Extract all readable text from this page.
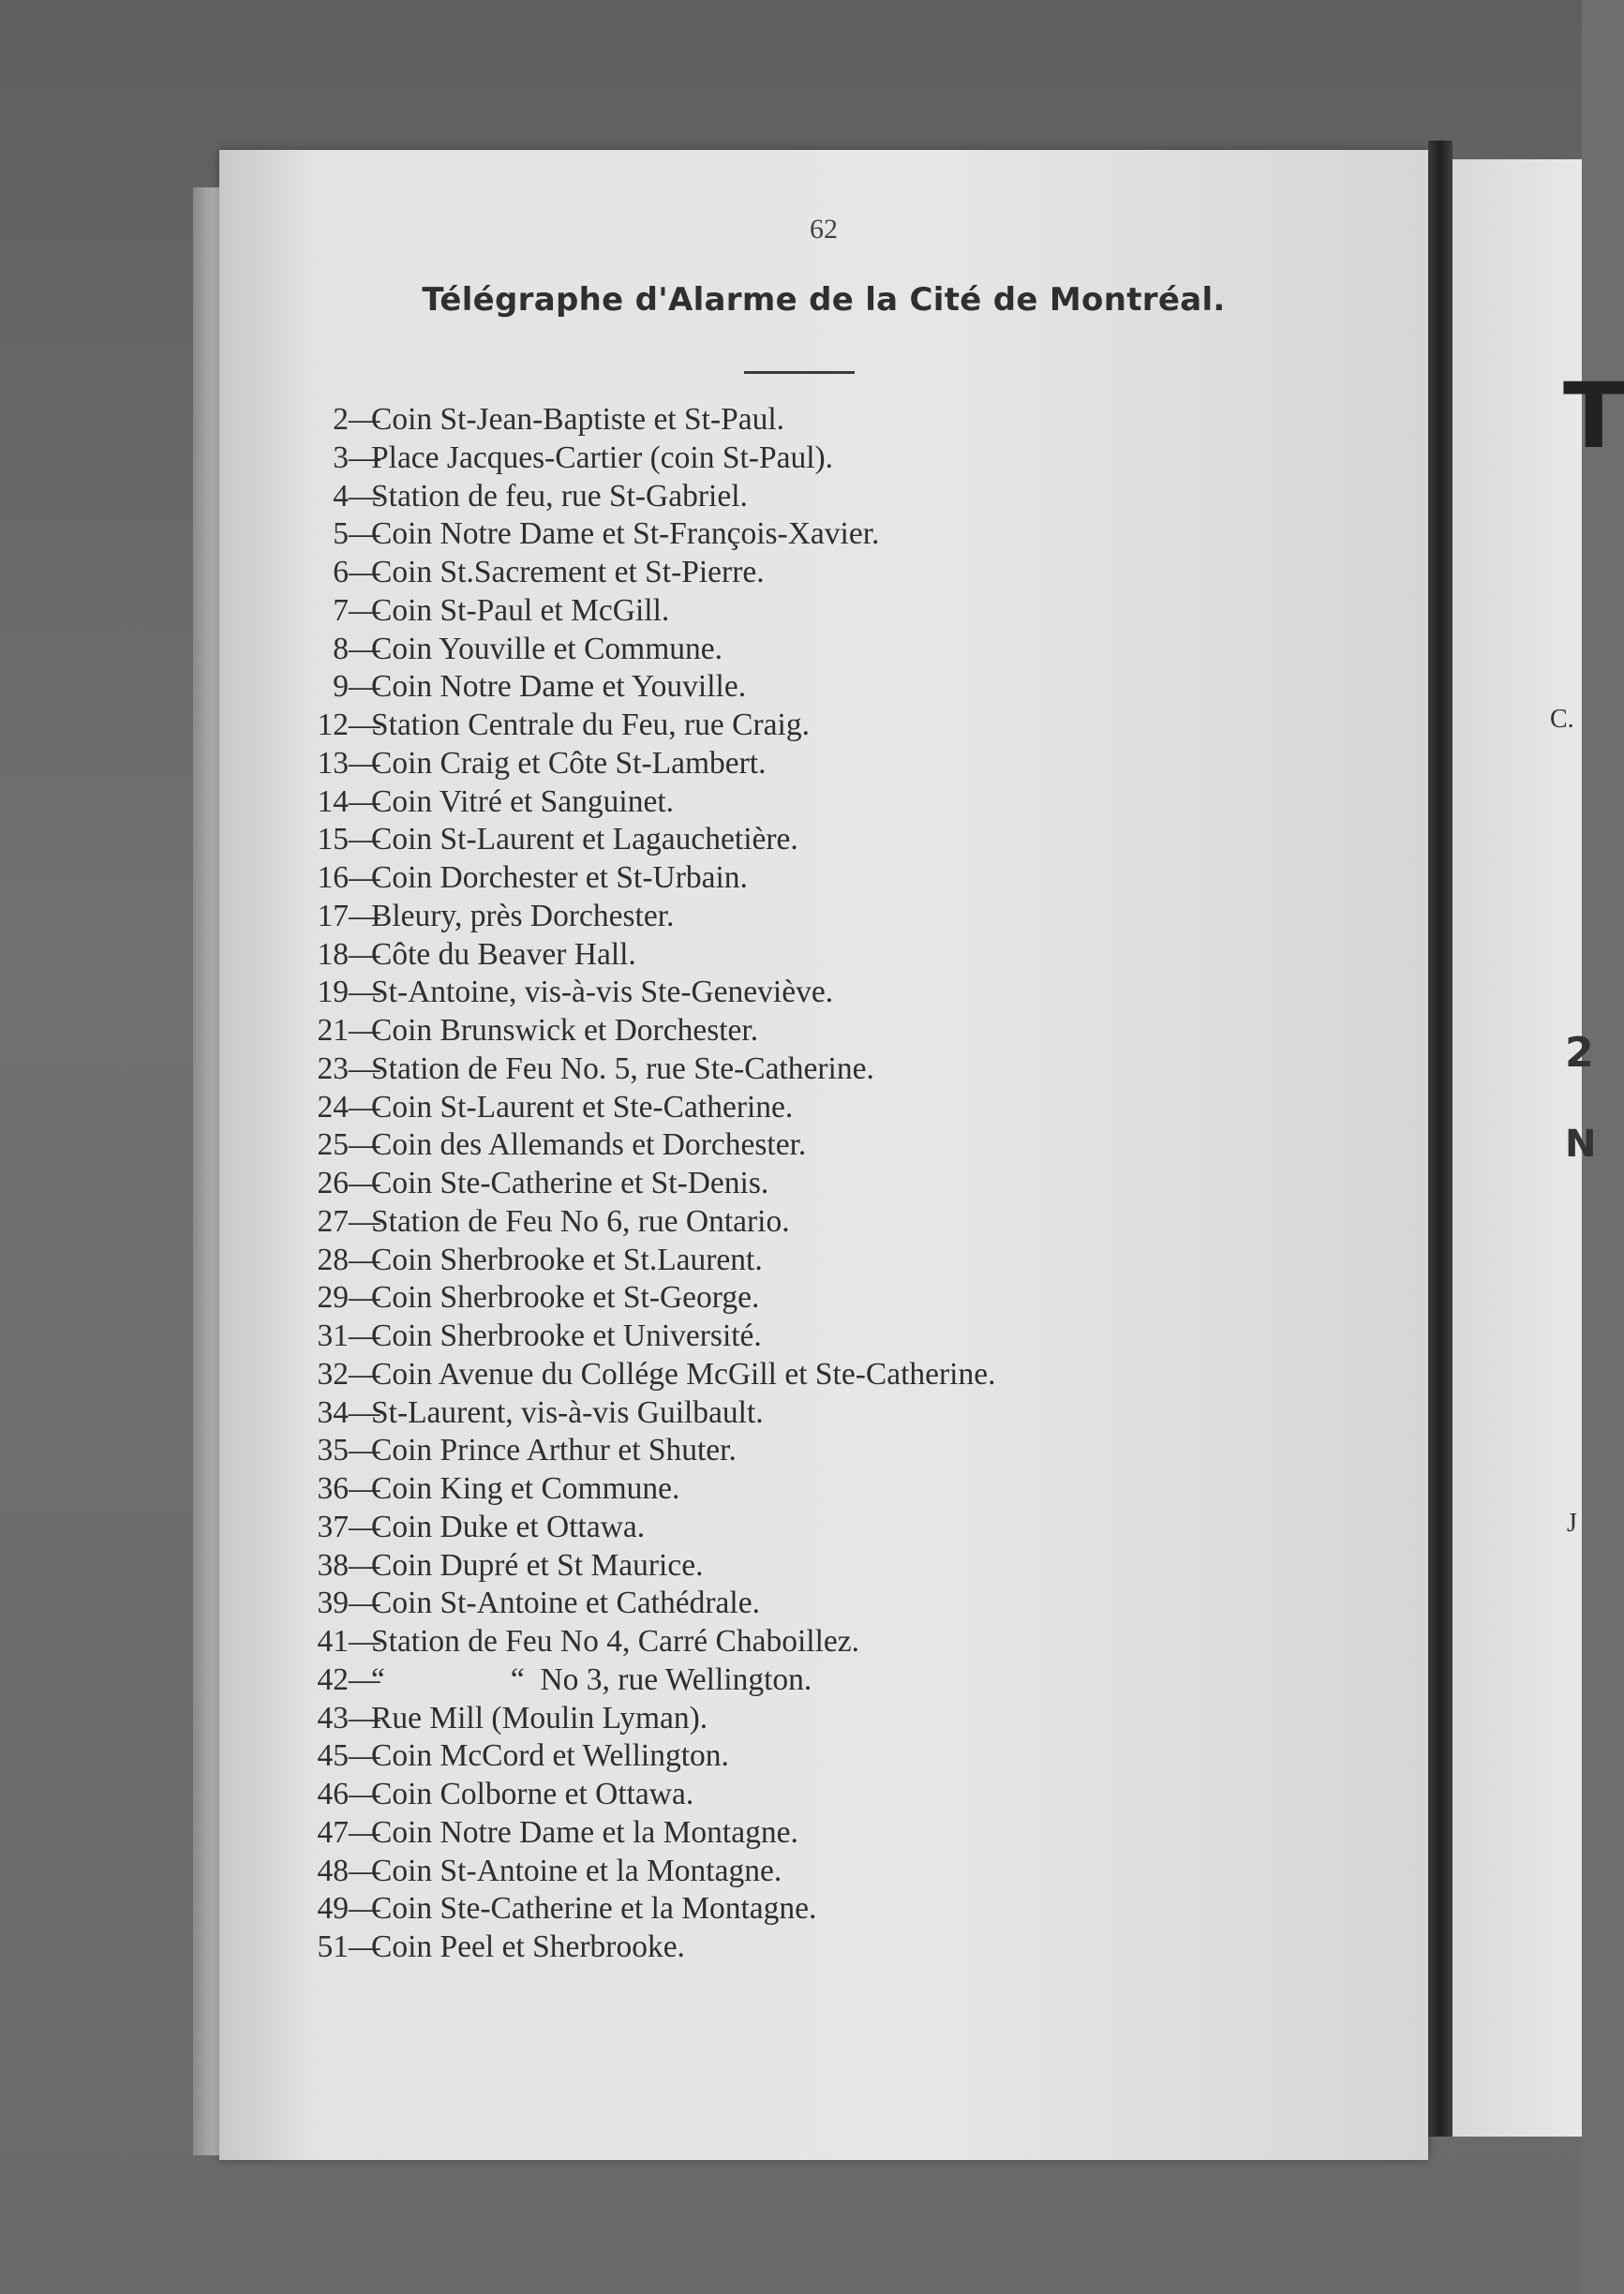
62
Télégraphe d'Alarme de la Cité de Montréal.
2 —
Coin St-Jean-Baptiste et St-Paul.
3 —
Place Jacques-Cartier (coin St-Paul).
4 —
Station de feu, rue St-Gabriel.
5 —
Coin Notre Dame et St-François-Xavier.
6 —
Coin St.Sacrement et St-Pierre.
7 —
Coin St-Paul et McGill.
8 —
Coin Youville et Commune.
9 —
Coin Notre Dame et Youville.
12 —
Station Centrale du Feu, rue Craig.
13 —
Coin Craig et Côte St-Lambert.
14 —
Coin Vitré et Sanguinet.
15 —
Coin St-Laurent et Lagauchetière.
16 —
Coin Dorchester et St-Urbain.
17 —
Bleury, près Dorchester.
18 —
Côte du Beaver Hall.
19 —
St-Antoine, vis-à-vis Ste-Geneviève.
21 —
Coin Brunswick et Dorchester.
23 —
Station de Feu No. 5, rue Ste-Catherine.
24 —
Coin St-Laurent et Ste-Catherine.
25 —
Coin des Allemands et Dorchester.
26 —
Coin Ste-Catherine et St-Denis.
27 —
Station de Feu No 6, rue Ontario.
28 —
Coin Sherbrooke et St.Laurent.
29 —
Coin Sherbrooke et St-George.
31 —
Coin Sherbrooke et Université.
32 —
Coin Avenue du Collége McGill et Ste-Catherine.
34 —
St-Laurent, vis-à-vis Guilbault.
35 —
Coin Prince Arthur et Shuter.
36 —
Coin King et Commune.
37 —
Coin Duke et Ottawa.
38 —
Coin Dupré et St Maurice.
39 —
Coin St-Antoine et Cathédrale.
41 —
Station de Feu No 4, Carré Chaboillez.
42 —
“                “  No 3, rue Wellington.
43 —
Rue Mill (Moulin Lyman).
45 —
Coin McCord et Wellington.
46 —
Coin Colborne et Ottawa.
47 —
Coin Notre Dame et la Montagne.
48 —
Coin St-Antoine et la Montagne.
49 —
Coin Ste-Catherine et la Montagne.
51 —
Coin Peel et Sherbrooke.
T
C.
2
N
J
